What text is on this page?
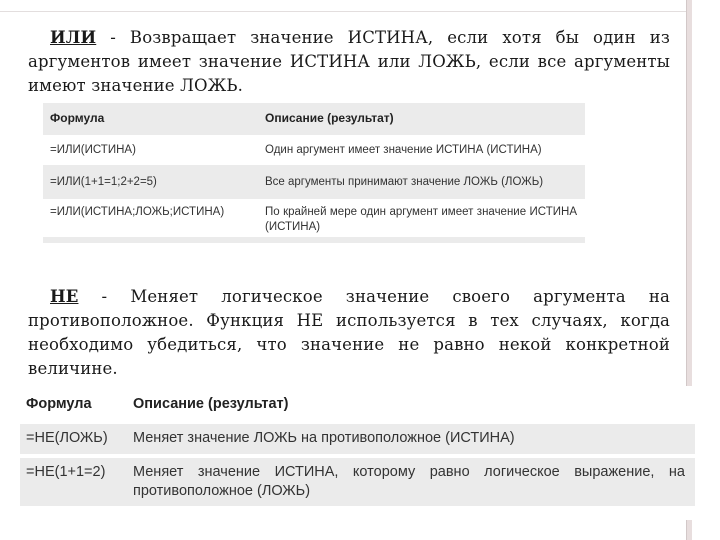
ИЛИ - Возвращает значение ИСТИНА, если хотя бы один из аргументов имеет значение ИСТИНА или ЛОЖЬ, если все аргументы имеют значение ЛОЖЬ.
Формула	Описание (результат)
=ИЛИ(ИСТИНА)	Один аргумент имеет значение ИСТИНА (ИСТИНА)
=ИЛИ(1+1=1;2+2=5)	Все аргументы принимают значение ЛОЖЬ (ЛОЖЬ)
=ИЛИ(ИСТИНА;ЛОЖЬ;ИСТИНА)	По крайней мере один аргумент имеет значение ИСТИНА (ИСТИНА)
НЕ - Меняет логическое значение своего аргумента на противоположное. Функция НЕ используется в тех случаях, когда необходимо убедиться, что значение не равно некой конкретной величине.
Формула	Описание (результат)
=НЕ(ЛОЖЬ) Меняет значение ЛОЖЬ на противоположное (ИСТИНА)
=НЕ(1+1=2) Меняет значение ИСТИНА, которому равно логическое выражение, на противоположное (ЛОЖЬ)
